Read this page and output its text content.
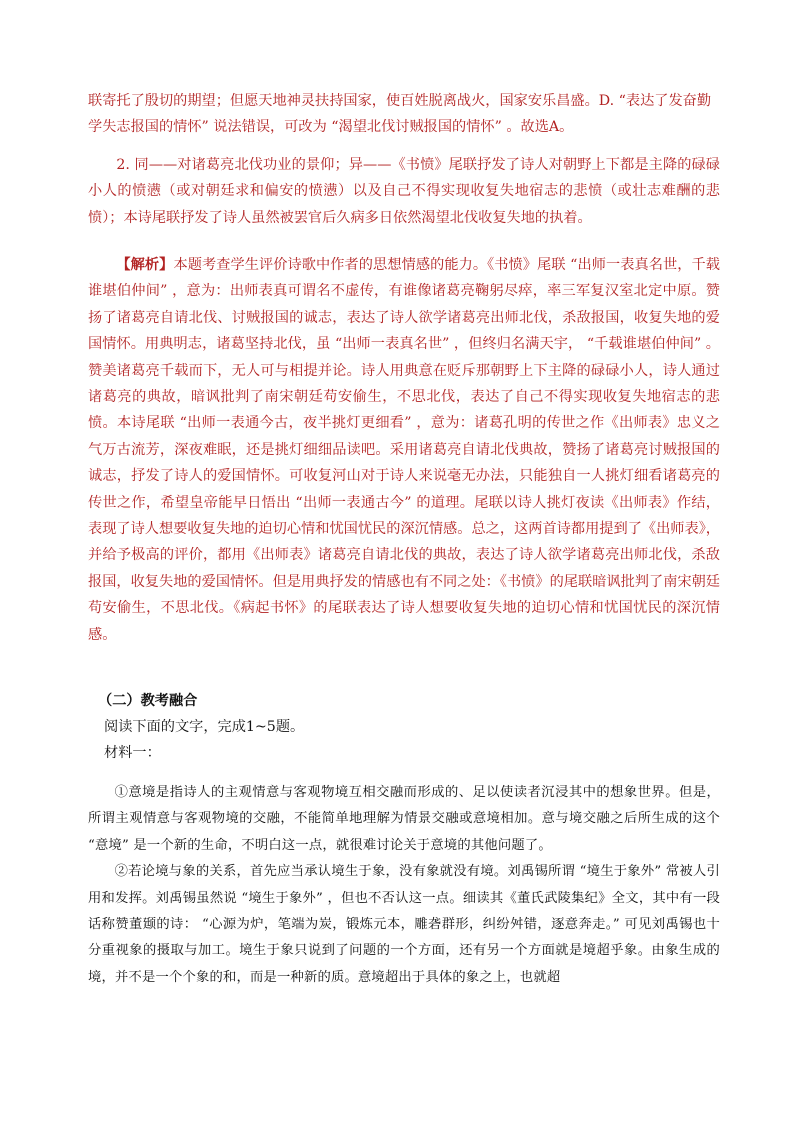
联寄托了殷切的期望；但愿天地神灵扶持国家，使百姓脱离战火，国家安乐昌盛。D. “表达了发奋勤

学失志报国的情怀” 说法错误，可改为 “渴望北伐讨贼报国的情怀” 。故选A。

2. 同——对诸葛亮北伐功业的景仰；异——《书愤》尾联抒发了诗人对朝野上下都是主降的碌碌小人的愤懑（或对朝廷求和偏安的愤懑）以及自己不得实现收复失地宿志的悲愤（或壮志难酬的悲愤）；本诗尾联抒发了诗人虽然被罢官后久病多日依然渴望北伐收复失地的执着。

【解析】本题考查学生评价诗歌中作者的思想情感的能力。《书愤》尾联 “出师一表真名世，千载谁堪伯仲间” ，意为：出师表真可谓名不虚传，有谁像诸葛亮鞠躬尽瘁，率三军复汉室北定中原。赞扬了诸葛亮自请北伐、讨贼报国的诚志，表达了诗人欲学诸葛亮出师北伐，杀敌报国，收复失地的爱国情怀。用典明志，诸葛坚持北伐，虽 “出师一表真名世” ，但终归名满天宇， “千载谁堪伯仲间” 。赞美诸葛亮千载而下，无人可与相提并论。诗人用典意在贬斥那朝野上下主降的碌碌小人，诗人通过诸葛亮的典故，暗讽批判了南宋朝廷苟安偷生，不思北伐，表达了自己不得实现收复失地宿志的悲愤。本诗尾联 “出师一表通今古，夜半挑灯更细看” ，意为：诸葛孔明的传世之作《出师表》忠义之气万古流芳，深夜难眠，还是挑灯细细品读吧。采用诸葛亮自请北伐典故，赞扬了诸葛亮讨贼报国的诚志，抒发了诗人的爱国情怀。可收复河山对于诗人来说毫无办法，只能独自一人挑灯细看诸葛亮的传世之作，希望皇帝能早日悟出 “出师一表通古今” 的道理。尾联以诗人挑灯夜读《出师表》作结，表现了诗人想要收复失地的迫切心情和忧国忧民的深沉情感。总之，这两首诗都用提到了《出师表》，并给予极高的评价，都用《出师表》诸葛亮自请北伐的典故，表达了诗人欲学诸葛亮出师北伐，杀敌报国，收复失地的爱国情怀。但是用典抒发的情感也有不同之处：《书愤》的尾联暗讽批判了南宋朝廷苟安偷生，不思北伐。《病起书怀》的尾联表达了诗人想要收复失地的迫切心情和忧国忧民的深沉情感。

（二）教考融合

阅读下面的文字，完成1~5题。

材料一：

①意境是指诗人的主观情意与客观物境互相交融而形成的、足以使读者沉浸其中的想象世界。但是，所谓主观情意与客观物境的交融，不能简单地理解为情景交融或意境相加。意与境交融之后所生成的这个 “意境” 是一个新的生命，不明白这一点，就很难讨论关于意境的其他问题了。

②若论境与象的关系，首先应当承认境生于象，没有象就没有境。刘禹锡所谓 “境生于象外” 常被人引用和发挥。刘禹锡虽然说 “境生于象外” ，但也不否认这一点。细读其《董氏武陵集纪》全文，其中有一段话称赞董颋的诗： “心源为炉，笔端为炭，锻炼元本，雕砻群形，纠纷舛错，逐意奔走。” 可见刘禹锡也十分重视象的摄取与加工。境生于象只说到了问题的一个方面，还有另一个方面就是境超乎象。由象生成的境，并不是一个个象的和，而是一种新的质。意境超出于具体的象之上，也就超
